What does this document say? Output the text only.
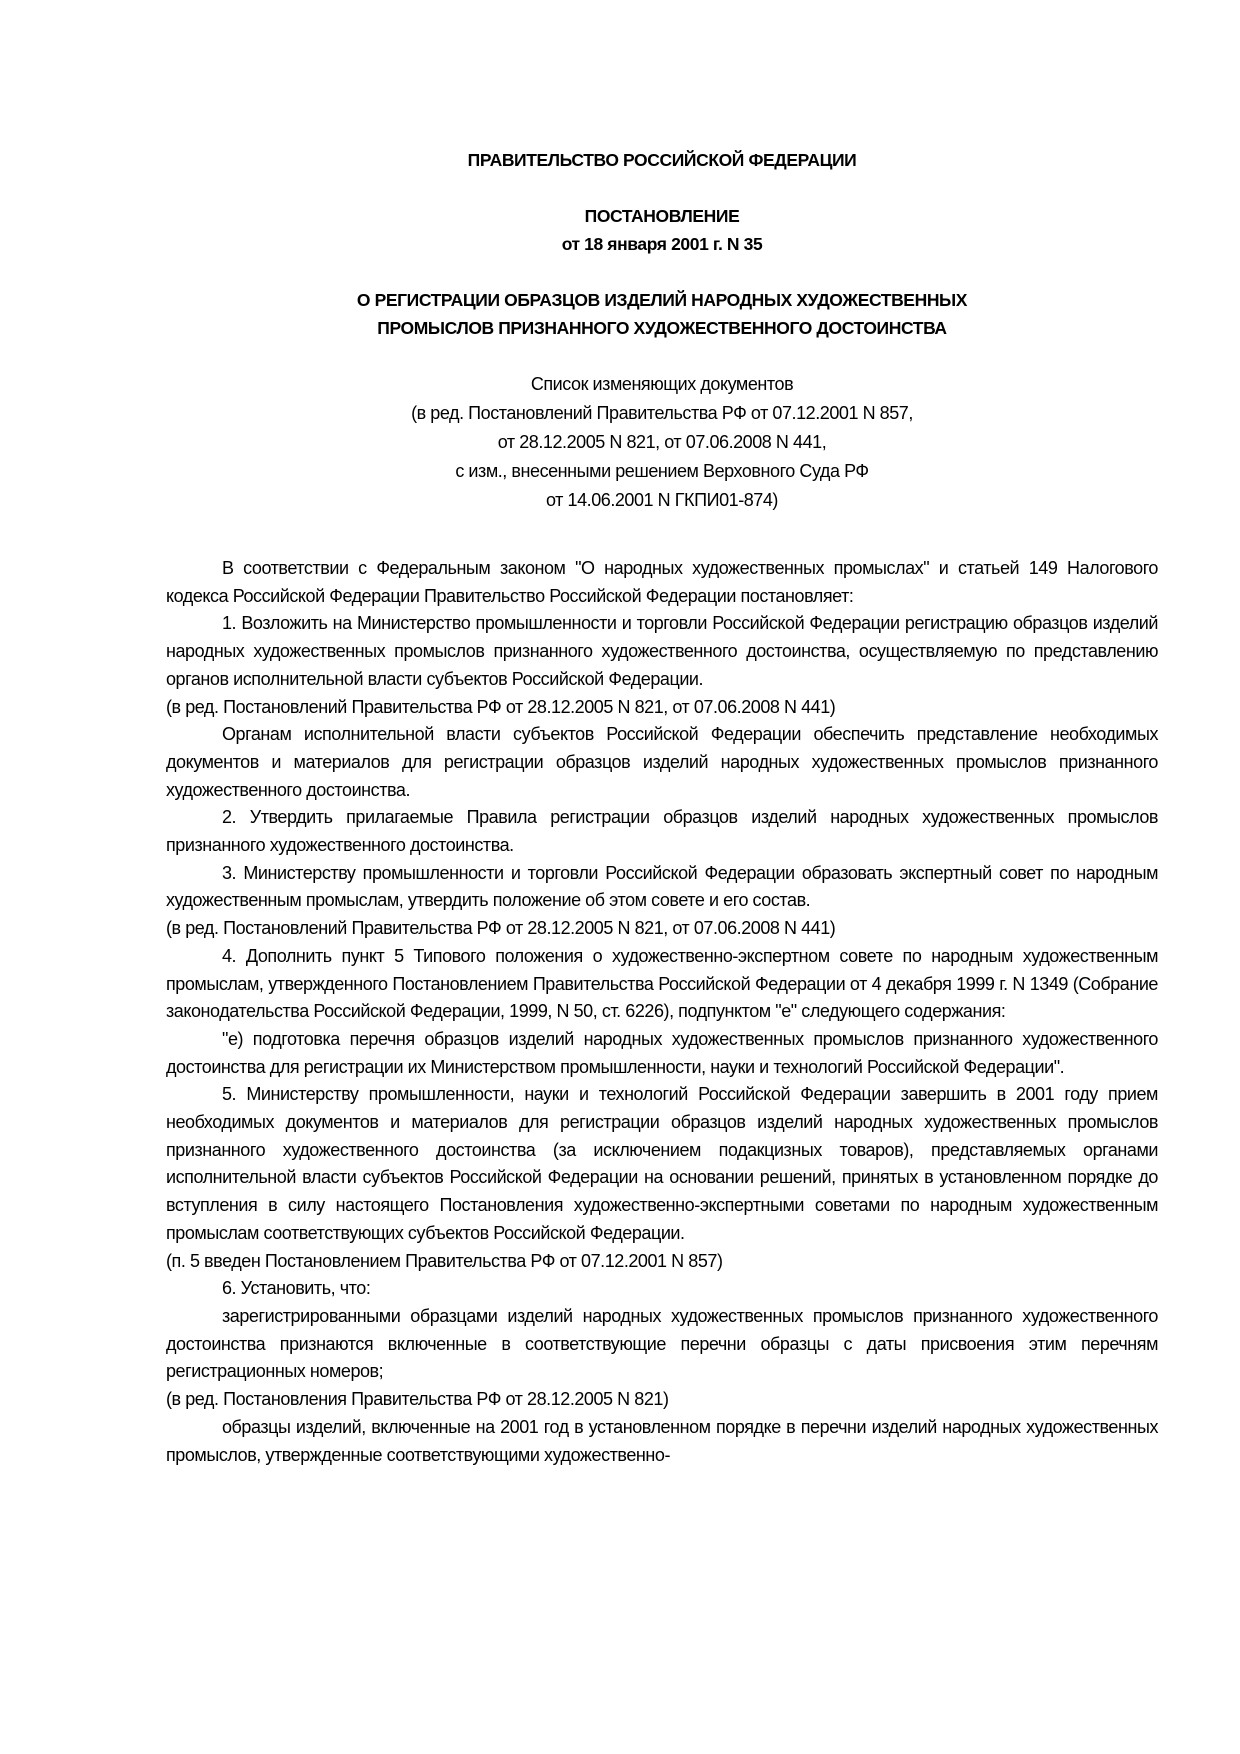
ПРАВИТЕЛЬСТВО РОССИЙСКОЙ ФЕДЕРАЦИИ
ПОСТАНОВЛЕНИЕ
от 18 января 2001 г. N 35
О РЕГИСТРАЦИИ ОБРАЗЦОВ ИЗДЕЛИЙ НАРОДНЫХ ХУДОЖЕСТВЕННЫХ
ПРОМЫСЛОВ ПРИЗНАННОГО ХУДОЖЕСТВЕННОГО ДОСТОИНСТВА
Список изменяющих документов
(в ред. Постановлений Правительства РФ от 07.12.2001 N 857,
от 28.12.2005 N 821, от 07.06.2008 N 441,
с изм., внесенными решением Верховного Суда РФ
от 14.06.2001 N ГКПИ01-874)

В соответствии с Федеральным законом "О народных художественных промыслах" и статьей 149 Налогового кодекса Российской Федерации Правительство Российской Федерации постановляет:

1. Возложить на Министерство промышленности и торговли Российской Федерации регистрацию образцов изделий народных художественных промыслов признанного художественного достоинства, осуществляемую по представлению органов исполнительной власти субъектов Российской Федерации.

(в ред. Постановлений Правительства РФ от 28.12.2005 N 821, от 07.06.2008 N 441)

Органам исполнительной власти субъектов Российской Федерации обеспечить представление необходимых документов и материалов для регистрации образцов изделий народных художественных промыслов признанного художественного достоинства.

2. Утвердить прилагаемые Правила регистрации образцов изделий народных художественных промыслов признанного художественного достоинства.

3. Министерству промышленности и торговли Российской Федерации образовать экспертный совет по народным художественным промыслам, утвердить положение об этом совете и его состав.

(в ред. Постановлений Правительства РФ от 28.12.2005 N 821, от 07.06.2008 N 441)

4. Дополнить пункт 5 Типового положения о художественно-экспертном совете по народным художественным промыслам, утвержденного Постановлением Правительства Российской Федерации от 4 декабря 1999 г. N 1349 (Собрание законодательства Российской Федерации, 1999, N 50, ст. 6226), подпунктом "е" следующего содержания:

"е) подготовка перечня образцов изделий народных художественных промыслов признанного художественного достоинства для регистрации их Министерством промышленности, науки и технологий Российской Федерации".

5. Министерству промышленности, науки и технологий Российской Федерации завершить в 2001 году прием необходимых документов и материалов для регистрации образцов изделий народных художественных промыслов признанного художественного достоинства (за исключением подакцизных товаров), представляемых органами исполнительной власти субъектов Российской Федерации на основании решений, принятых в установленном порядке до вступления в силу настоящего Постановления художественно-экспертными советами по народным художественным промыслам соответствующих субъектов Российской Федерации.

(п. 5 введен Постановлением Правительства РФ от 07.12.2001 N 857)

6. Установить, что:

зарегистрированными образцами изделий народных художественных промыслов признанного художественного достоинства признаются включенные в соответствующие перечни образцы с даты присвоения этим перечням регистрационных номеров;

(в ред. Постановления Правительства РФ от 28.12.2005 N 821)

образцы изделий, включенные на 2001 год в установленном порядке в перечни изделий народных художественных промыслов, утвержденные соответствующими художественно-
